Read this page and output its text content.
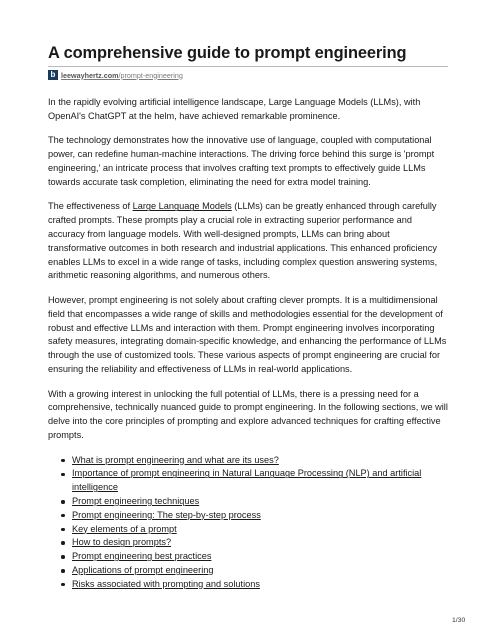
A comprehensive guide to prompt engineering
b leewayhertz.com/prompt-engineering

In the rapidly evolving artificial intelligence landscape, Large Language Models (LLMs), with OpenAI's ChatGPT at the helm, have achieved remarkable prominence.

The technology demonstrates how the innovative use of language, coupled with computational power, can redefine human-machine interactions. The driving force behind this surge is 'prompt engineering,' an intricate process that involves crafting text prompts to effectively guide LLMs towards accurate task completion, eliminating the need for extra model training.

The effectiveness of Large Language Models (LLMs) can be greatly enhanced through carefully crafted prompts. These prompts play a crucial role in extracting superior performance and accuracy from language models. With well-designed prompts, LLMs can bring about transformative outcomes in both research and industrial applications. This enhanced proficiency enables LLMs to excel in a wide range of tasks, including complex question answering systems, arithmetic reasoning algorithms, and numerous others.

However, prompt engineering is not solely about crafting clever prompts. It is a multidimensional field that encompasses a wide range of skills and methodologies essential for the development of robust and effective LLMs and interaction with them. Prompt engineering involves incorporating safety measures, integrating domain-specific knowledge, and enhancing the performance of LLMs through the use of customized tools. These various aspects of prompt engineering are crucial for ensuring the reliability and effectiveness of LLMs in real-world applications.

With a growing interest in unlocking the full potential of LLMs, there is a pressing need for a comprehensive, technically nuanced guide to prompt engineering. In the following sections, we will delve into the core principles of prompting and explore advanced techniques for crafting effective prompts.

What is prompt engineering and what are its uses?
Importance of prompt engineering in Natural Language Processing (NLP) and artificial intelligence
Prompt engineering techniques
Prompt engineering: The step-by-step process
Key elements of a prompt
How to design prompts?
Prompt engineering best practices
Applications of prompt engineering
Risks associated with prompting and solutions
1/30
